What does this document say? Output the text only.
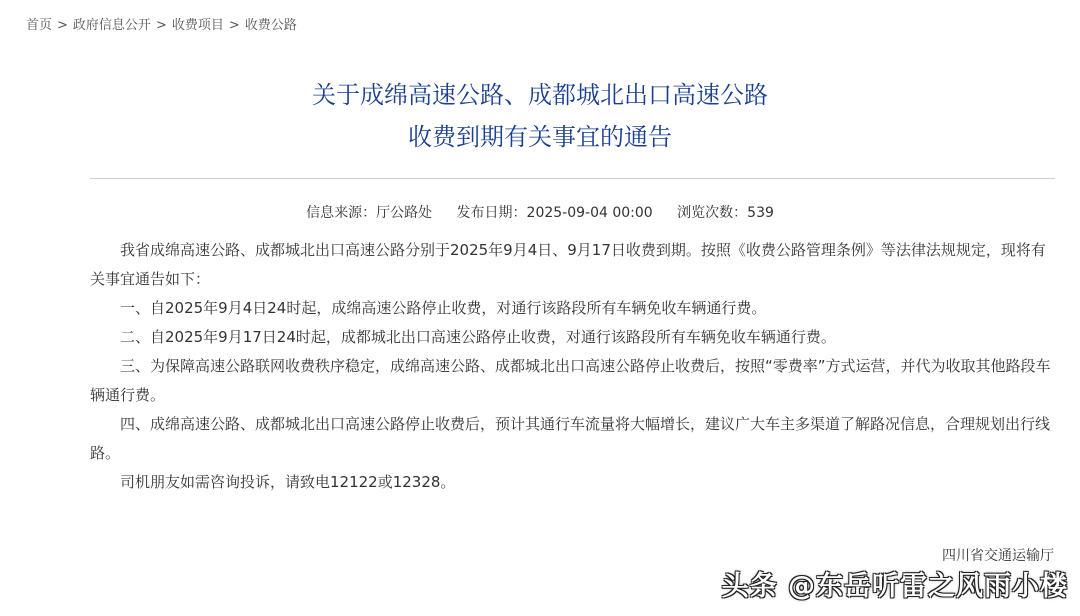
首页 > 政府信息公开 > 收费项目 > 收费公路
关于成绵高速公路、成都城北出口高速公路
收费到期有关事宜的通告
信息来源：厅公路处 发布日期：2025-09-04 00:00 浏览次数：539

我省成绵高速公路、成都城北出口高速公路分别于2025年9月4日、9月17日收费到期。按照《收费公路管理条例》等法律法规规定，现将有关事宜通告如下：

一、自2025年9月4日24时起，成绵高速公路停止收费，对通行该路段所有车辆免收车辆通行费。

二、自2025年9月17日24时起，成都城北出口高速公路停止收费，对通行该路段所有车辆免收车辆通行费。

三、为保障高速公路联网收费秩序稳定，成绵高速公路、成都城北出口高速公路停止收费后，按照“零费率”方式运营，并代为收取其他路段车辆通行费。

四、成绵高速公路、成都城北出口高速公路停止收费后，预计其通行车流量将大幅增长，建议广大车主多渠道了解路况信息，合理规划出行线路。

司机朋友如需咨询投诉，请致电12122或12328。

四川省交通运输厅
头条 @东岳听雷之风雨小楼
